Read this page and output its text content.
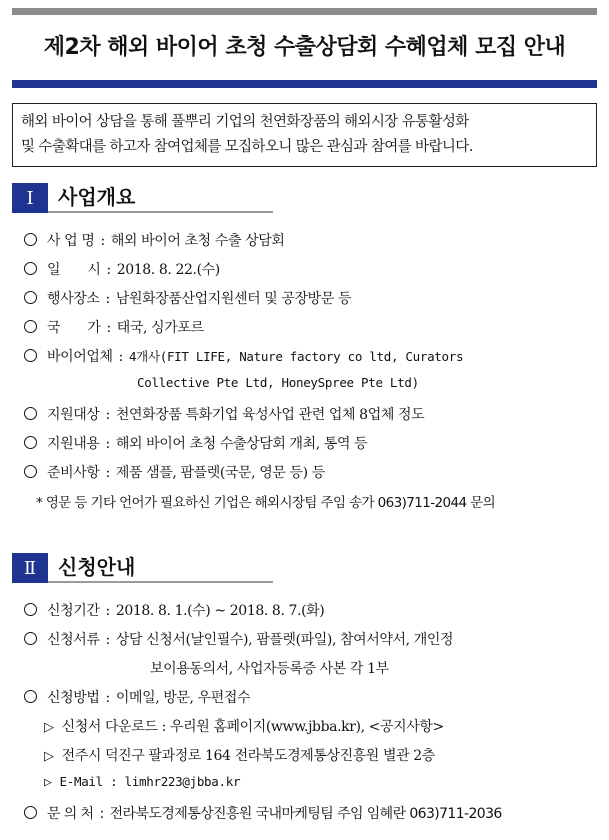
제2차 해외 바이어 초청 수출상담회 수혜업체 모집 안내

해외 바이어 상담을 통해 풀뿌리 기업의 천연화장품의 해외시장 유통활성화

및 수출확대를 하고자 참여업체를 모집하오니 많은 관심과 참여를 바랍니다.

Ⅰ	사업개요
사 업 명 : 해외 바이어 초청 수출 상담회
일　　시 : 2018. 8. 22.(수)
행사장소 : 남원화장품산업지원센터 및 공장방문 등
국　　가 : 태국, 싱가포르
바이어업체 : 4개사(FIT LIFE, Nature factory co ltd, Curators
Collective Pte Ltd, HoneySpree Pte Ltd)
지원대상 : 천연화장품 특화기업 육성사업 관련 업체 8업체 정도
지원내용 : 해외 바이어 초청 수출상담회 개최, 통역 등
준비사항 : 제품 샘플, 팜플렛(국문, 영문 등) 등
* 영문 등 기타 언어가 필요하신 기업은 해외시장팀 주임 송가 063)711-2044 문의
Ⅱ	신청안내
신청기간 : 2018. 8. 1.(수) ~ 2018. 8. 7.(화)
신청서류 : 상담 신청서(날인필수), 팜플렛(파일), 참여서약서, 개인정
보이용동의서, 사업자등록증 사본 각 1부
신청방법 : 이메일, 방문, 우편접수
▷ 신청서 다운로드 : 우리원 홈페이지(www.jbba.kr), <공지사항>
▷ 전주시 덕진구 팔과정로 164 전라북도경제통상진흥원 별관 2층
▷ E-Mail : limhr223@jbba.kr
문 의 처 : 전라북도경제통상진흥원 국내마케팅팀 주임 임혜란 063)711-2036
